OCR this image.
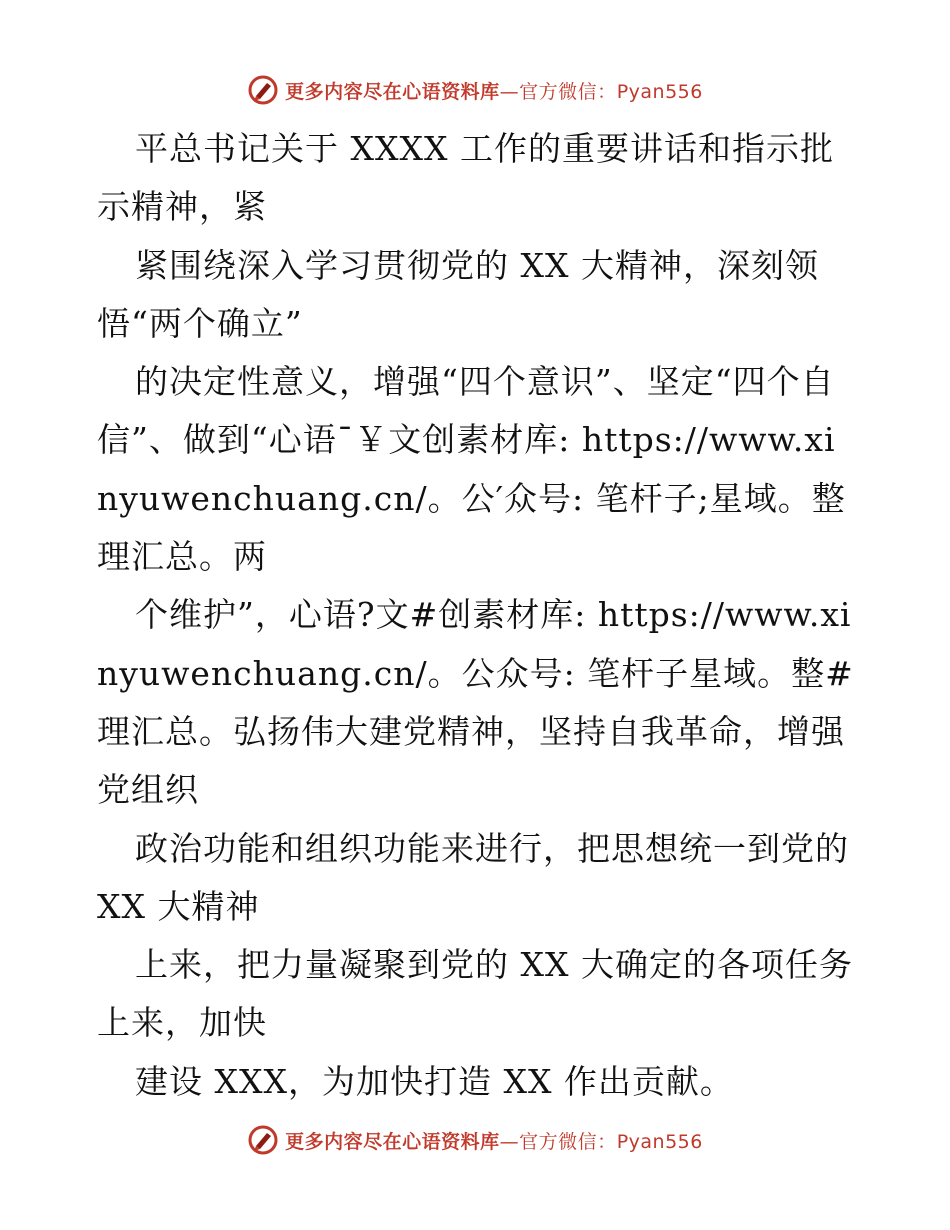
更多内容尽在心语资料库—官方微信：Pyan556

平总书记关于 XXXX 工作的重要讲话和指示批示精神，紧

紧围绕深入学习贯彻党的 XX 大精神，深刻领悟“两个确立”

的决定性意义，增强“四个意识”、坚定“四个自信”、做到“心语¯￥文创素材库: https://www.xinyuwenchuang.cn/。公′众号: 笔杆子;星域。整理汇总。两

个维护”，心语?文#创素材库: https://www.xinyuwenchuang.cn/。公众号: 笔杆子星域。整#理汇总。弘扬伟大建党精神，坚持自我革命，增强党组织

政治功能和组织功能来进行，把思想统一到党的 XX 大精神

上来，把力量凝聚到党的 XX 大确定的各项任务上来，加快

建设 XXX，为加快打造 XX 作出贡献。

更多内容尽在心语资料库—官方微信：Pyan556
